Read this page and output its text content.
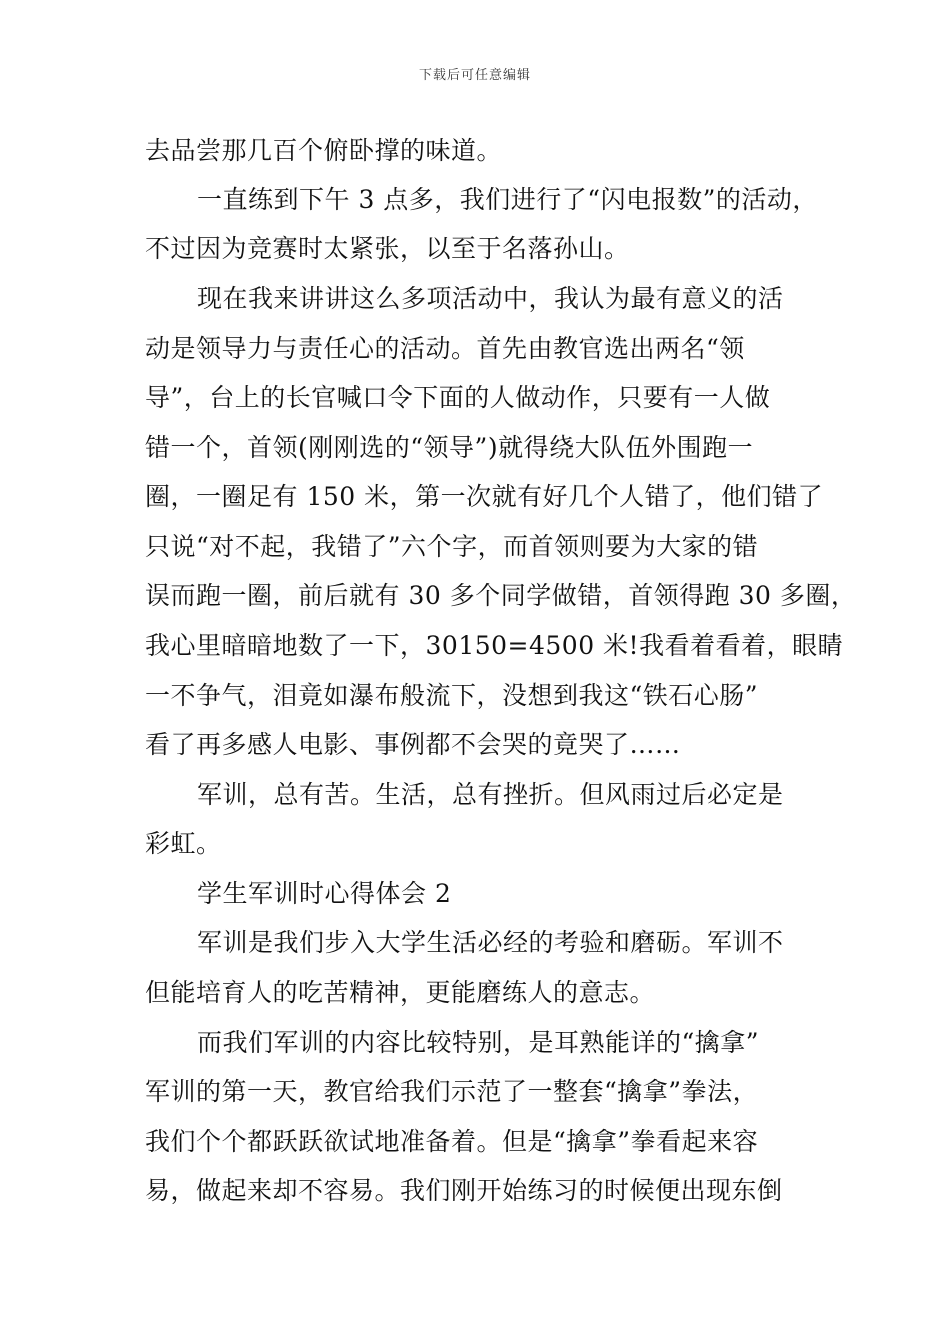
下载后可任意编辑
去品尝那几百个俯卧撑的味道。
一直练到下午 3 点多，我们进行了“闪电报数”的活动，
不过因为竞赛时太紧张，以至于名落孙山。
现在我来讲讲这么多项活动中，我认为最有意义的活
动是领导力与责任心的活动。首先由教官选出两名“领
导”，台上的长官喊口令下面的人做动作，只要有一人做
错一个，首领(刚刚选的“领导”)就得绕大队伍外围跑一
圈，一圈足有 150 米，第一次就有好几个人错了，他们错了
只说“对不起，我错了”六个字，而首领则要为大家的错
误而跑一圈，前后就有 30 多个同学做错，首领得跑 30 多圈，
我心里暗暗地数了一下，30150=4500 米!我看着看着，眼睛
一不争气，泪竟如瀑布般流下，没想到我这“铁石心肠”
看了再多感人电影、事例都不会哭的竟哭了……
军训，总有苦。生活，总有挫折。但风雨过后必定是
彩虹。
学生军训时心得体会 2
军训是我们步入大学生活必经的考验和磨砺。军训不
但能培育人的吃苦精神，更能磨练人的意志。
而我们军训的内容比较特别，是耳熟能详的“擒拿”
军训的第一天，教官给我们示范了一整套“擒拿”拳法，
我们个个都跃跃欲试地准备着。但是“擒拿”拳看起来容
易，做起来却不容易。我们刚开始练习的时候便出现东倒
